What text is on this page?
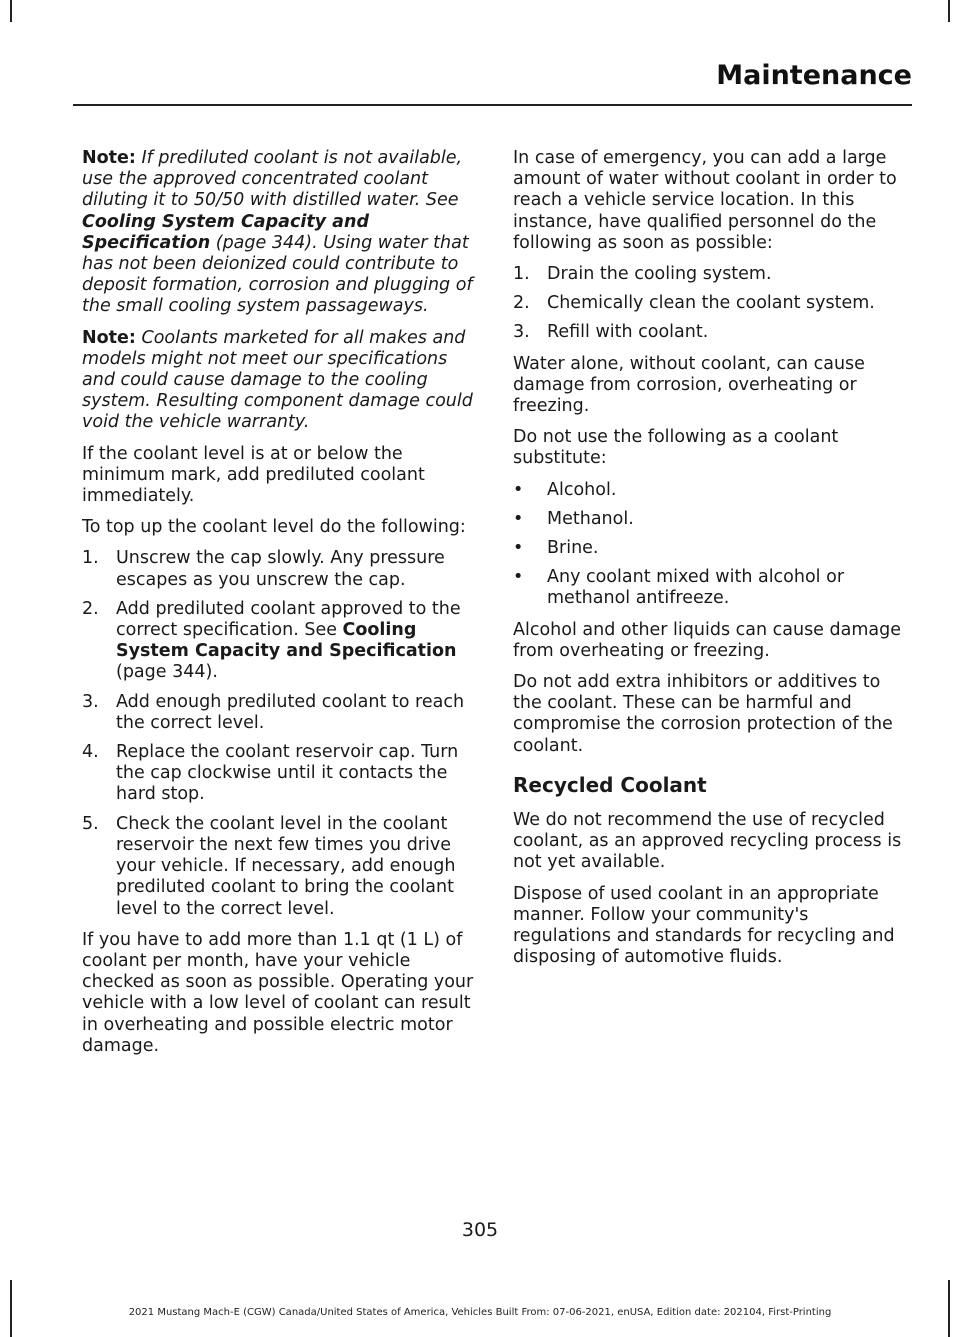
Maintenance

Note: If prediluted coolant is not available, use the approved concentrated coolant diluting it to 50/50 with distilled water. See Cooling System Capacity and Specification (page 344). Using water that has not been deionized could contribute to deposit formation, corrosion and plugging of the small cooling system passageways.

Note: Coolants marketed for all makes and models might not meet our specifications and could cause damage to the cooling system. Resulting component damage could void the vehicle warranty.

If the coolant level is at or below the minimum mark, add prediluted coolant immediately.

To top up the coolant level do the following:

1. Unscrew the cap slowly. Any pressure escapes as you unscrew the cap.
2. Add prediluted coolant approved to the correct specification. See Cooling System Capacity and Specification (page 344).
3. Add enough prediluted coolant to reach the correct level.
4. Replace the coolant reservoir cap. Turn the cap clockwise until it contacts the hard stop.
5. Check the coolant level in the coolant reservoir the next few times you drive your vehicle. If necessary, add enough prediluted coolant to bring the coolant level to the correct level.

If you have to add more than 1.1 qt (1 L) of coolant per month, have your vehicle checked as soon as possible. Operating your vehicle with a low level of coolant can result in overheating and possible electric motor damage.

In case of emergency, you can add a large amount of water without coolant in order to reach a vehicle service location. In this instance, have qualified personnel do the following as soon as possible:

1. Drain the cooling system.
2. Chemically clean the coolant system.
3. Refill with coolant.

Water alone, without coolant, can cause damage from corrosion, overheating or freezing.

Do not use the following as a coolant substitute:

• Alcohol.
• Methanol.
• Brine.
• Any coolant mixed with alcohol or methanol antifreeze.

Alcohol and other liquids can cause damage from overheating or freezing.

Do not add extra inhibitors or additives to the coolant. These can be harmful and compromise the corrosion protection of the coolant.

Recycled Coolant

We do not recommend the use of recycled coolant, as an approved recycling process is not yet available.

Dispose of used coolant in an appropriate manner. Follow your community's regulations and standards for recycling and disposing of automotive fluids.

305
2021 Mustang Mach-E (CGW) Canada/United States of America, Vehicles Built From: 07-06-2021, enUSA, Edition date: 202104, First-Printing
